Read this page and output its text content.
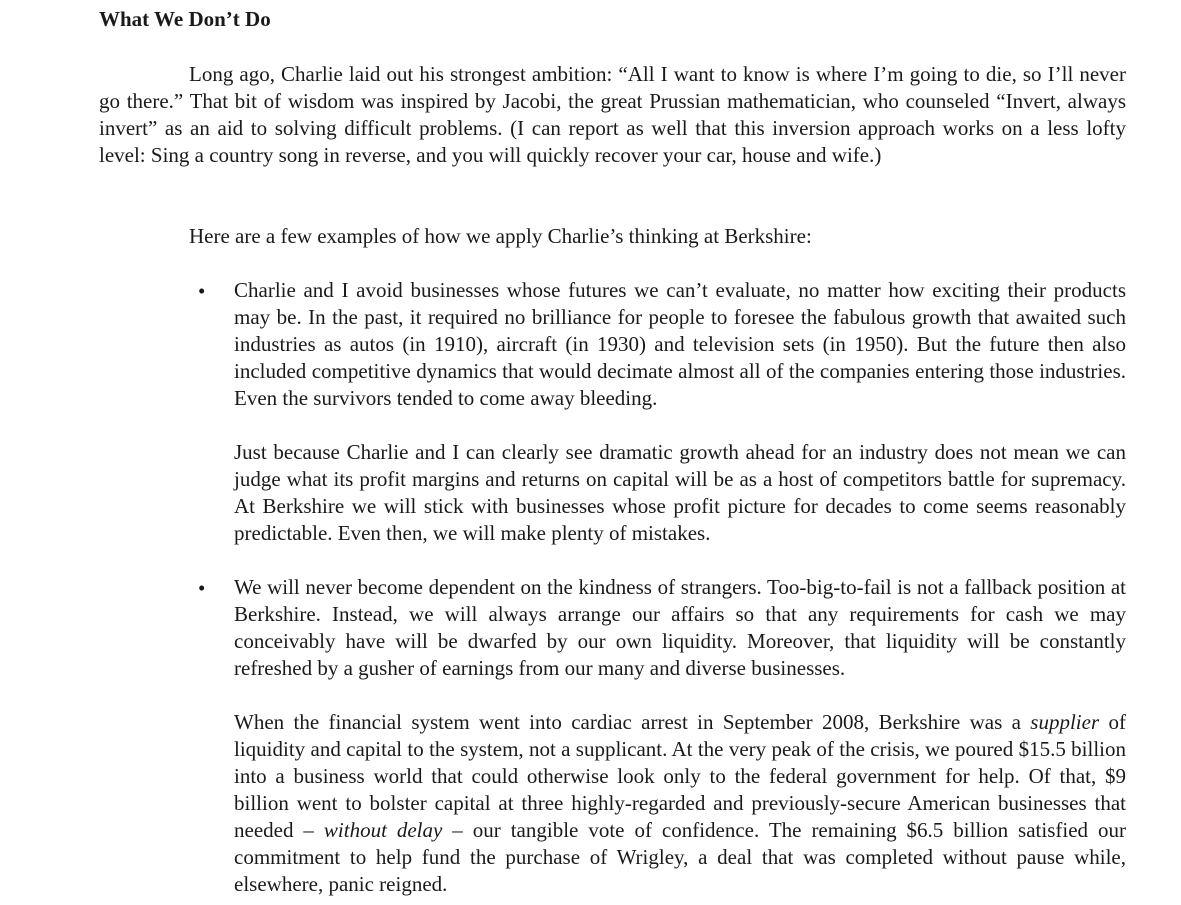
What We Don’t Do

Long ago, Charlie laid out his strongest ambition: “All I want to know is where I’m going to die, so I’ll never go there.” That bit of wisdom was inspired by Jacobi, the great Prussian mathematician, who counseled “Invert, always invert” as an aid to solving difficult problems. (I can report as well that this inversion approach works on a less lofty level: Sing a country song in reverse, and you will quickly recover your car, house and wife.)

Here are a few examples of how we apply Charlie’s thinking at Berkshire:

• Charlie and I avoid businesses whose futures we can’t evaluate, no matter how exciting their products may be. In the past, it required no brilliance for people to foresee the fabulous growth that awaited such industries as autos (in 1910), aircraft (in 1930) and television sets (in 1950). But the future then also included competitive dynamics that would decimate almost all of the companies entering those industries. Even the survivors tended to come away bleeding.

Just because Charlie and I can clearly see dramatic growth ahead for an industry does not mean we can judge what its profit margins and returns on capital will be as a host of competitors battle for supremacy. At Berkshire we will stick with businesses whose profit picture for decades to come seems reasonably predictable. Even then, we will make plenty of mistakes.

• We will never become dependent on the kindness of strangers. Too-big-to-fail is not a fallback position at Berkshire. Instead, we will always arrange our affairs so that any requirements for cash we may conceivably have will be dwarfed by our own liquidity. Moreover, that liquidity will be constantly refreshed by a gusher of earnings from our many and diverse businesses.

When the financial system went into cardiac arrest in September 2008, Berkshire was a supplier of liquidity and capital to the system, not a supplicant. At the very peak of the crisis, we poured $15.5 billion into a business world that could otherwise look only to the federal government for help. Of that, $9 billion went to bolster capital at three highly-regarded and previously-secure American businesses that needed – without delay – our tangible vote of confidence. The remaining $6.5 billion satisfied our commitment to help fund the purchase of Wrigley, a deal that was completed without pause while, elsewhere, panic reigned.
